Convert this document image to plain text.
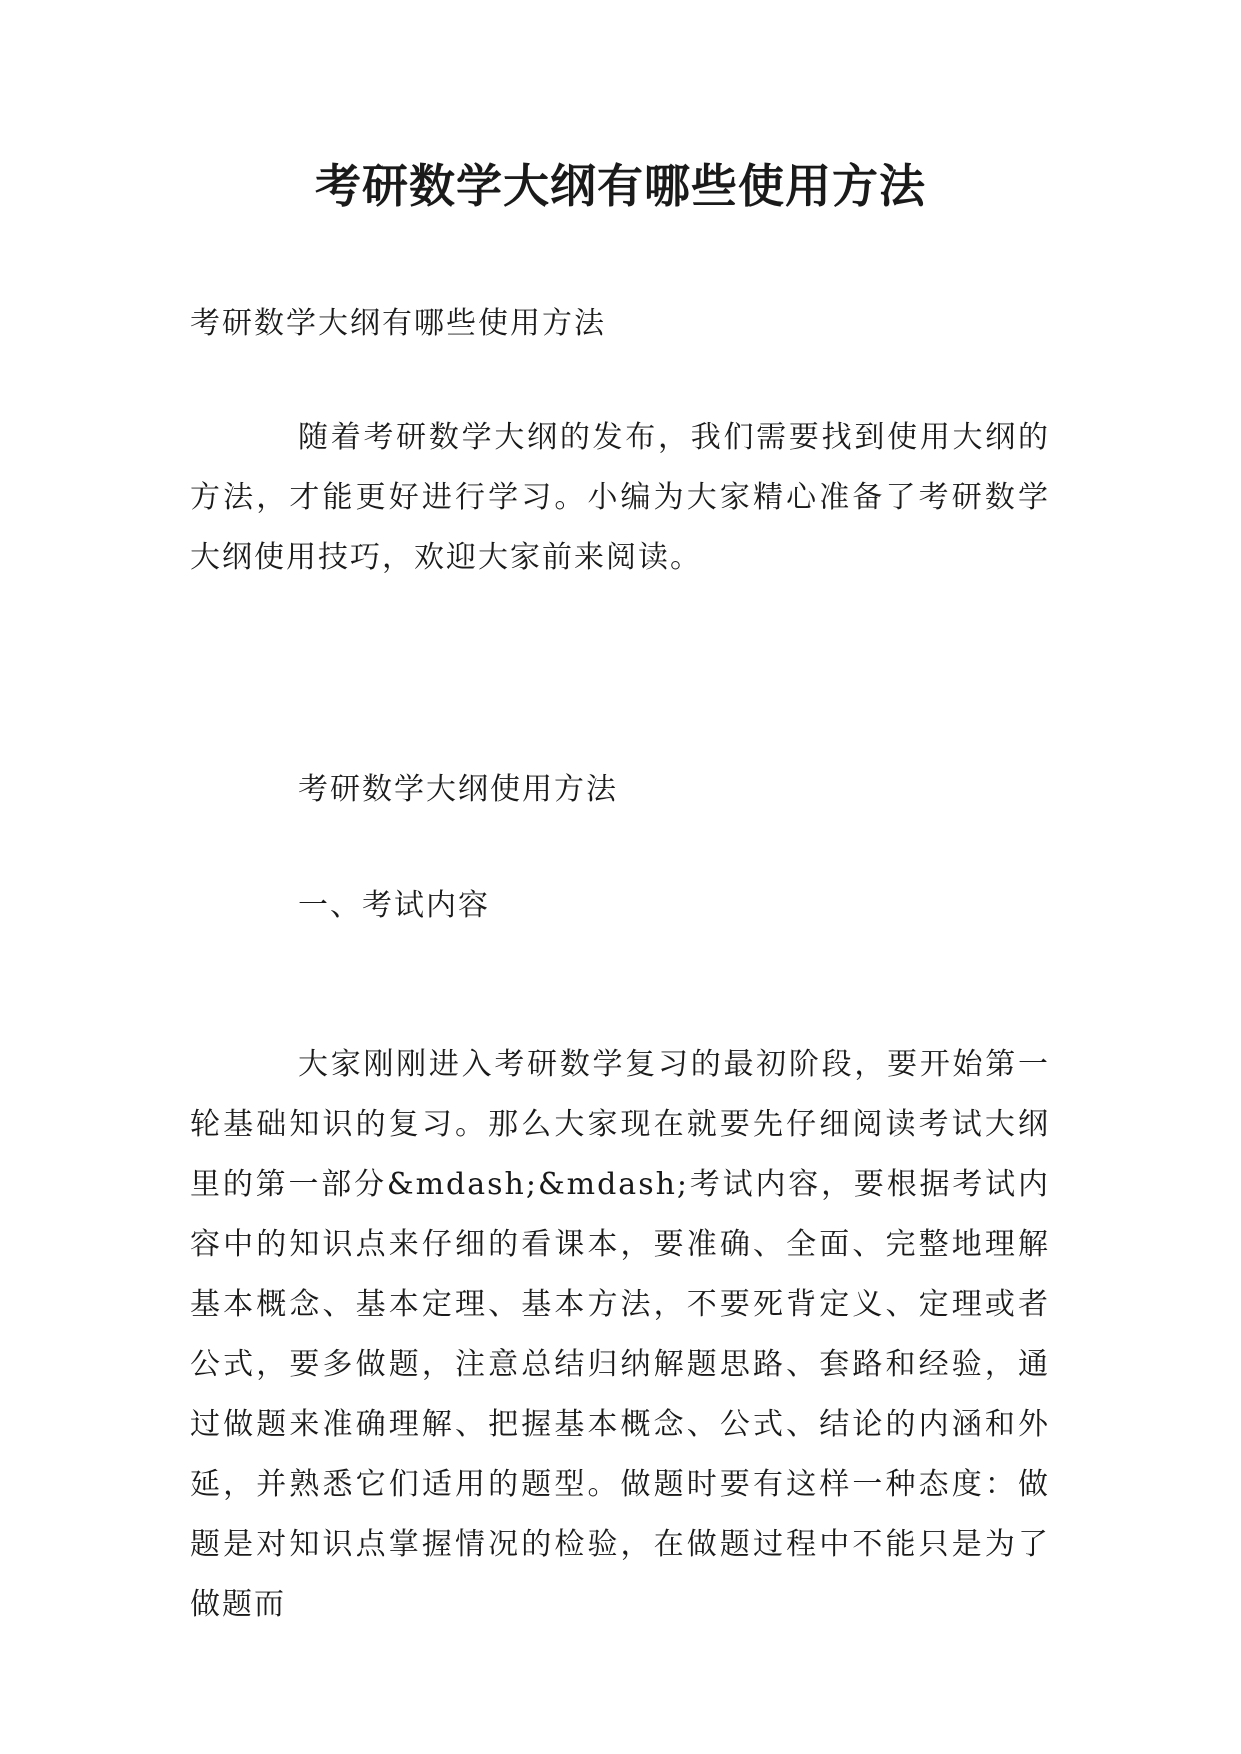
考研数学大纲有哪些使用方法

考研数学大纲有哪些使用方法

随着考研数学大纲的发布，我们需要找到使用大纲的方法，才能更好进行学习。小编为大家精心准备了考研数学大纲使用技巧，欢迎大家前来阅读。

考研数学大纲使用方法

一、考试内容

大家刚刚进入考研数学复习的最初阶段，要开始第一轮基础知识的复习。那么大家现在就要先仔细阅读考试大纲里的第一部分&mdash;&mdash;考试内容，要根据考试内容中的知识点来仔细的看课本，要准确、全面、完整地理解基本概念、基本定理、基本方法，不要死背定义、定理或者公式，要多做题，注意总结归纳解题思路、套路和经验，通过做题来准确理解、把握基本概念、公式、结论的内涵和外延，并熟悉它们适用的题型。做题时要有这样一种态度：做题是对知识点掌握情况的检验，在做题过程中不能只是为了做题而
